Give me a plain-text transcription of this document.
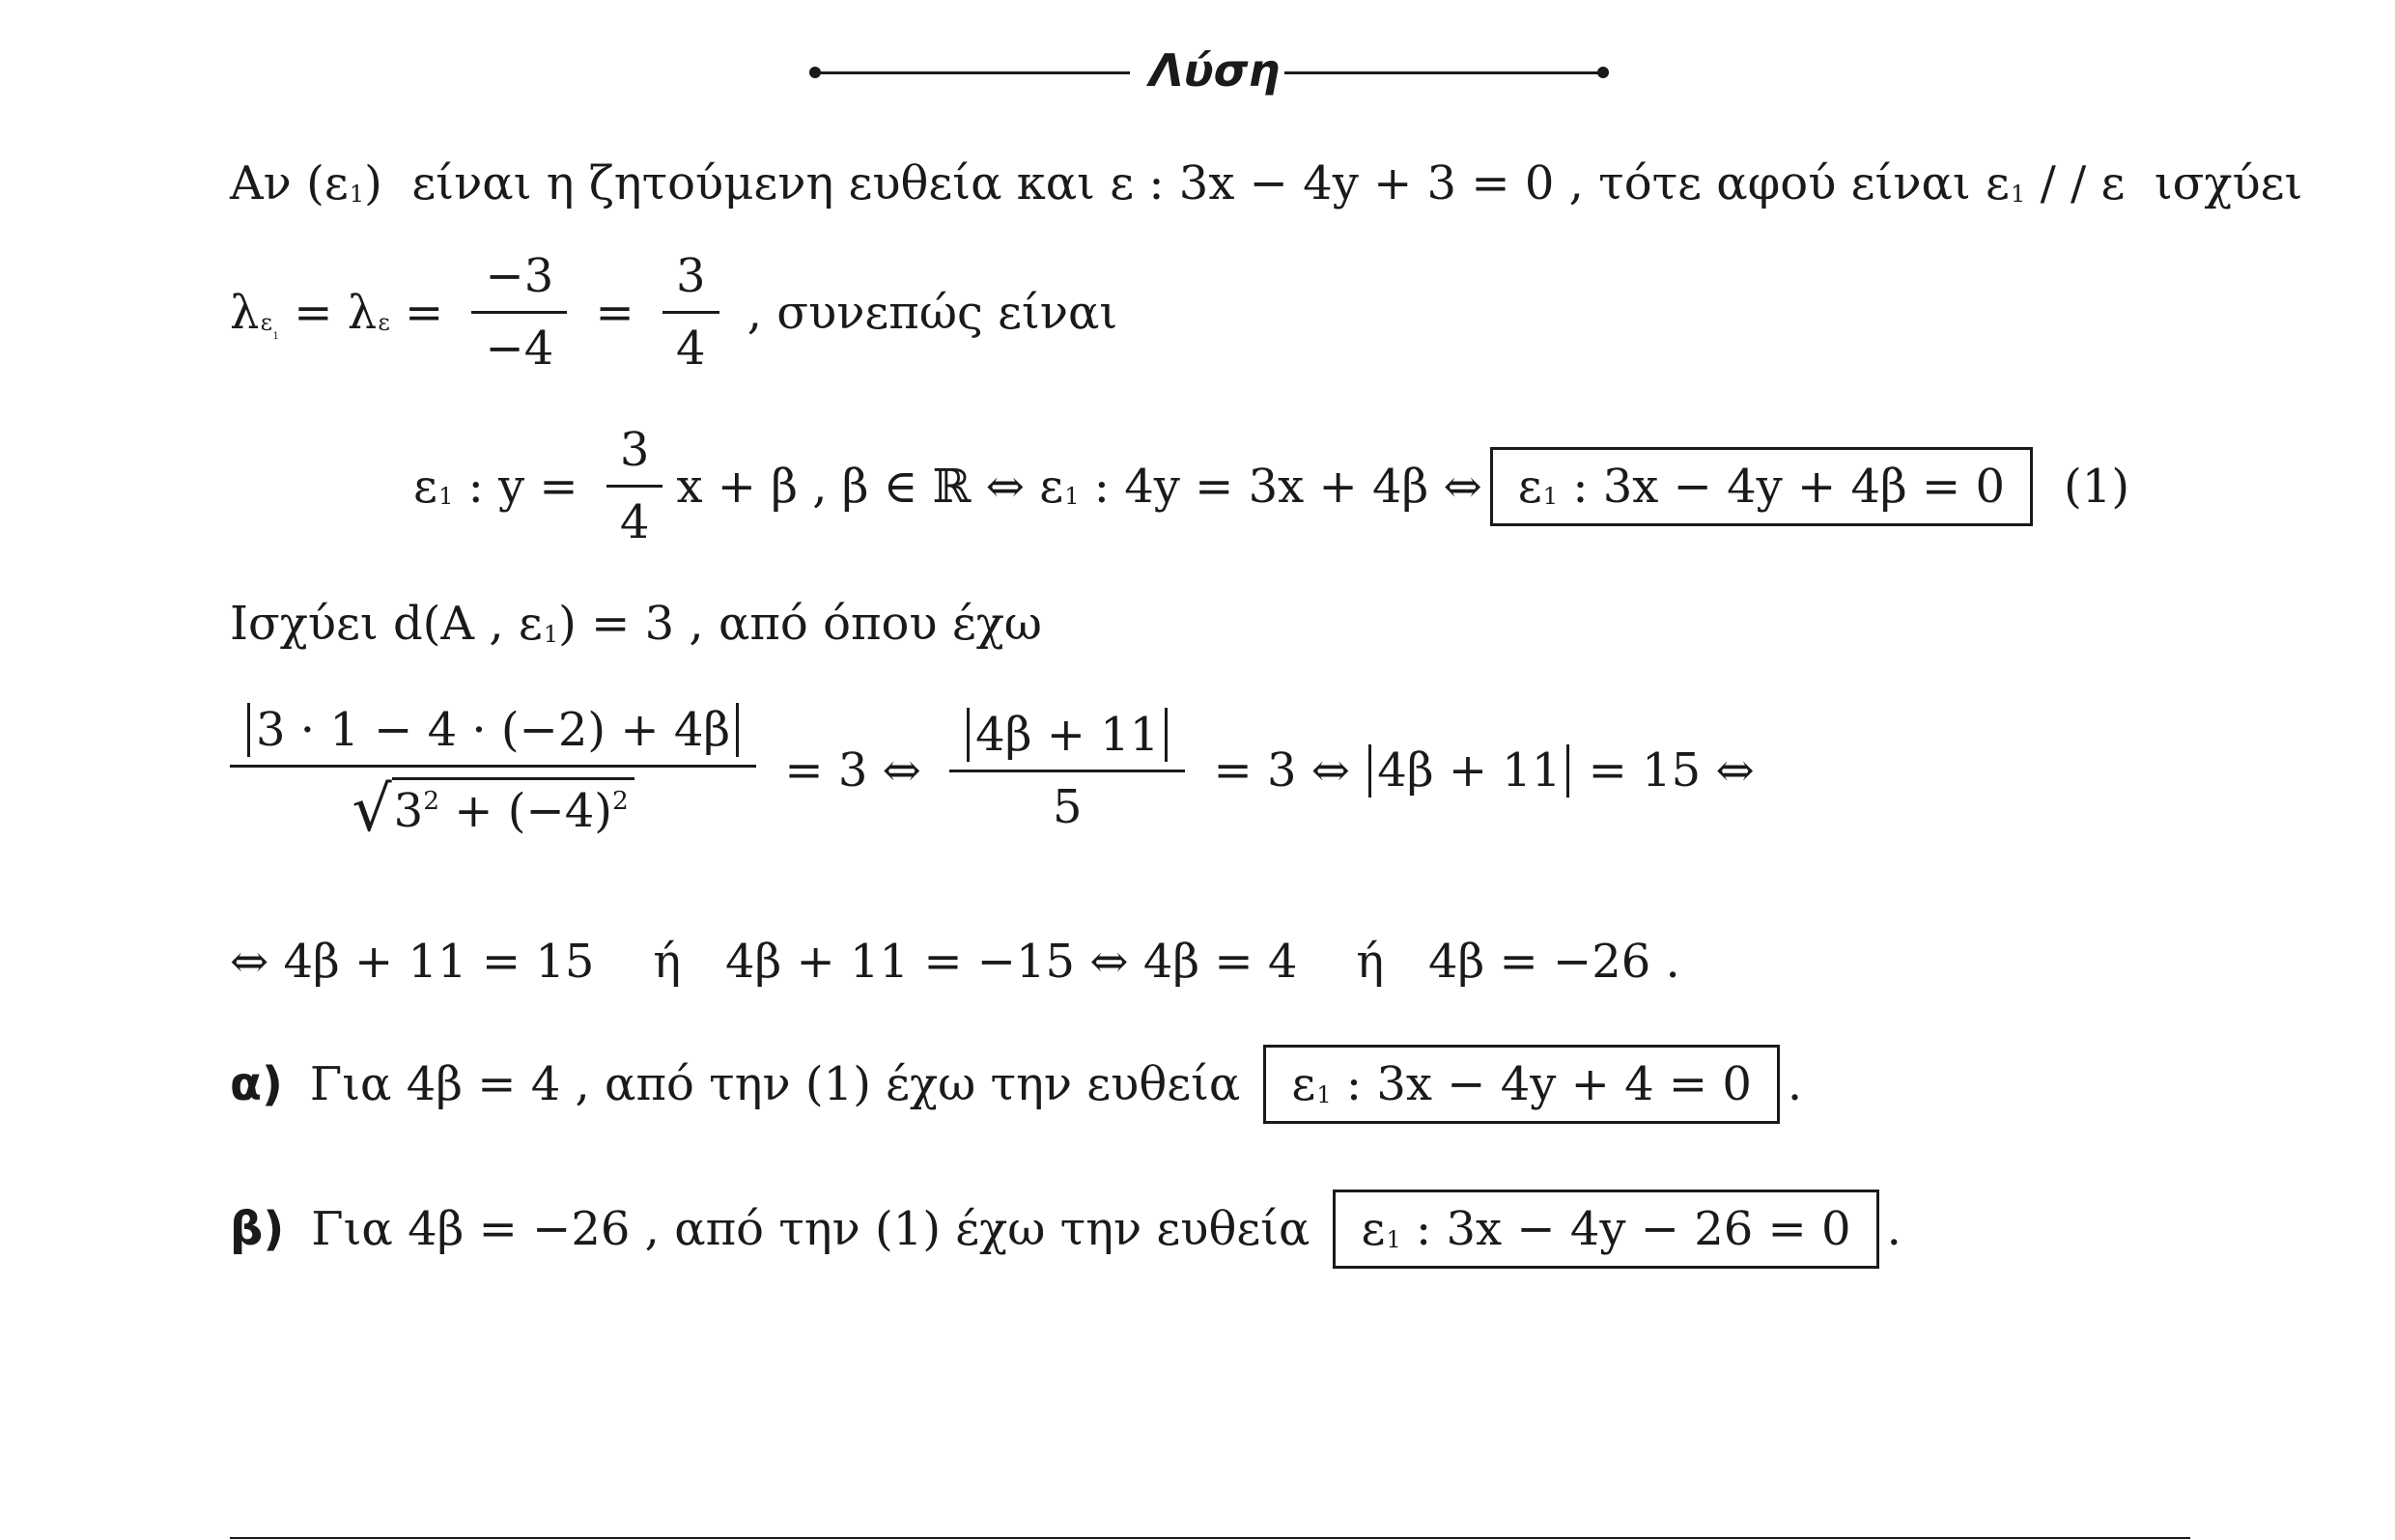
Λύση
Αν (ε 1 )  είναι η ζητούμενη ευθεία και ε : 3x − 4y + 3 = 0 , τότε αφού είναι ε 1 / / ε  ισχύει
λ $\varepsilon_1 = \lambda$ $\varepsilon = \frac{-3}{-4} = \frac{3}{4}$ , συνεπώς είναι
ε 1 : $y = \frac{3}{4}$ x + β , β ∈ ℝ ⇔ ε 1 : 4y = 3x + 4β ⇔ ε 1 : 3x − 4y + 4β = 0 (1)
Ισχύει d(A , ε 1 ) = 3 , από όπου έχω
$\frac{3 \cdot 1 - 4 \cdot (-2) + 4\beta}{√ 3^2 + (-4)^2} = 3$ ⇔ $\frac{4\beta + 11}{5} = 3$ ⇔ 4β + 11 = 15 ⇔
⇔ 4β + 11 = 15    ή   4β + 11 = −15 ⇔ 4β = 4    ή   4β = −26 .
α) Για 4β = 4 , από την (1) έχω την ευθεία ε 1 : 3x − 4y + 4 = 0 .
β) Για 4β = −26 , από την (1) έχω την ευθεία ε 1 : 3x − 4y − 26 = 0 .
